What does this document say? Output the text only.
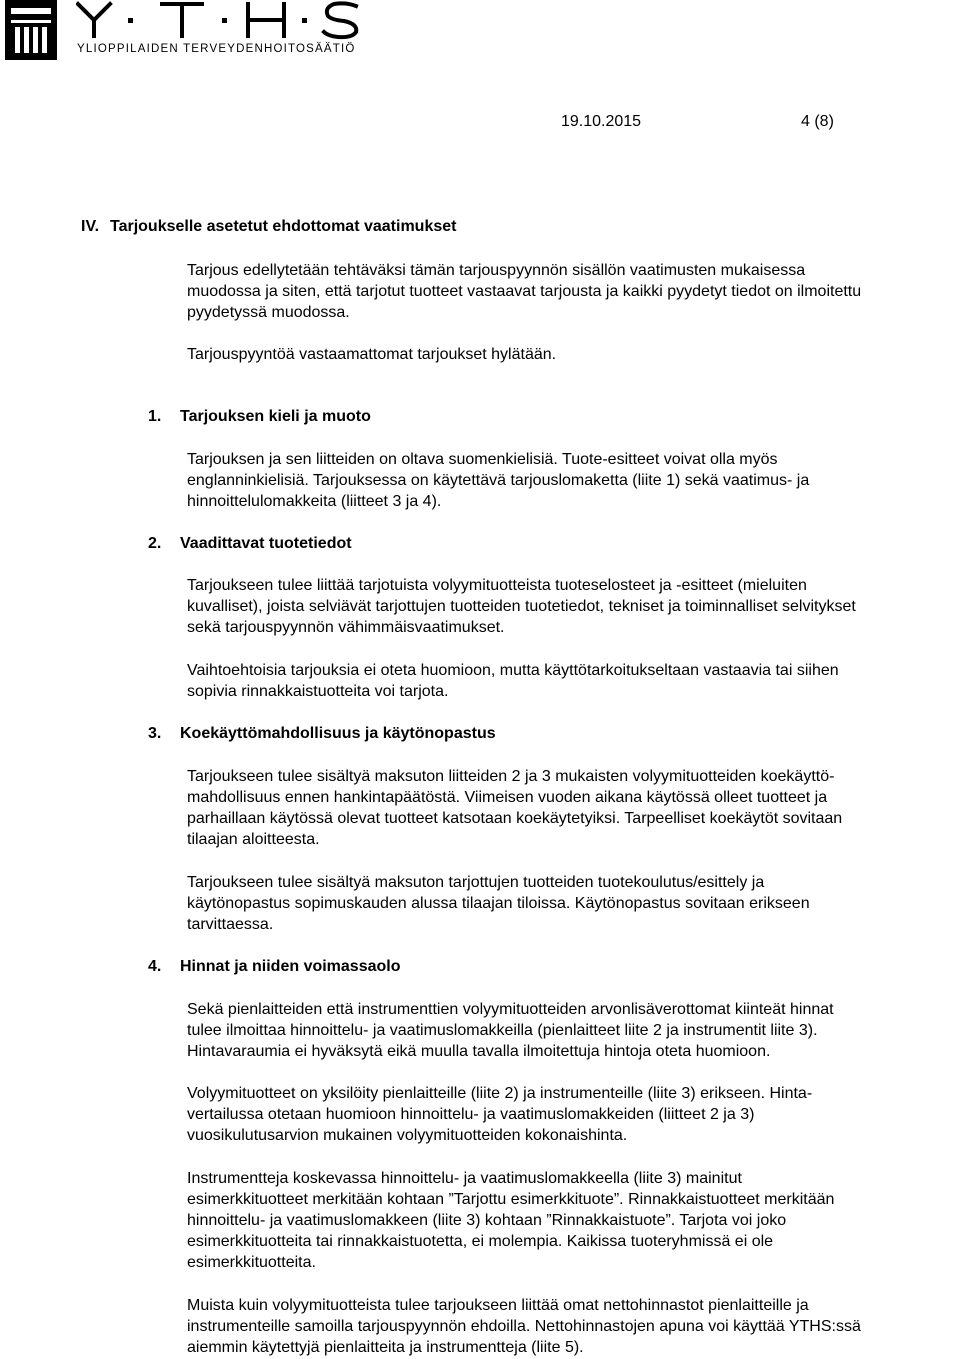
YLIOPPILAIDEN TERVEYDENHOITOSÄÄTIÖ
19.10.2015	4 (8)
IV. Tarjoukselle asetetut ehdottomat vaatimukset
Tarjous edellytetään tehtäväksi tämän tarjouspyynnön sisällön vaatimusten mukaisessa
muodossa ja siten, että tarjotut tuotteet vastaavat tarjousta ja kaikki pyydetyt tiedot on ilmoitettu
pyydetyssä muodossa.
Tarjouspyyntöä vastaamattomat tarjoukset hylätään.
1. Tarjouksen kieli ja muoto
Tarjouksen ja sen liitteiden on oltava suomenkielisiä. Tuote-esitteet voivat olla myös
englanninkielisiä. Tarjouksessa on käytettävä tarjouslomaketta (liite 1) sekä vaatimus- ja
hinnoittelulomakkeita (liitteet 3 ja 4).
2. Vaadittavat tuotetiedot
Tarjoukseen tulee liittää tarjotuista volyymituotteista tuoteselosteet ja -esitteet (mieluiten
kuvalliset), joista selviävät tarjottujen tuotteiden tuotetiedot, tekniset ja toiminnalliset selvitykset
sekä tarjouspyynnön vähimmäisvaatimukset.
Vaihtoehtoisia tarjouksia ei oteta huomioon, mutta käyttötarkoitukseltaan vastaavia tai siihen
sopivia rinnakkaistuotteita voi tarjota.
3. Koekäyttömahdollisuus ja käytönopastus
Tarjoukseen tulee sisältyä maksuton liitteiden 2 ja 3 mukaisten volyymituotteiden koekäyttö-
mahdollisuus ennen hankintapäätöstä. Viimeisen vuoden aikana käytössä olleet tuotteet ja
parhaillaan käytössä olevat tuotteet katsotaan koekäytetyiksi. Tarpeelliset koekäytöt sovitaan
tilaajan aloitteesta.
Tarjoukseen tulee sisältyä maksuton tarjottujen tuotteiden tuotekoulutus/esittely ja
käytönopastus sopimuskauden alussa tilaajan tiloissa. Käytönopastus sovitaan erikseen
tarvittaessa.
4. Hinnat ja niiden voimassaolo
Sekä pienlaitteiden että instrumenttien volyymituotteiden arvonlisäverottomat kiinteät hinnat
tulee ilmoittaa hinnoittelu- ja vaatimuslomakkeilla (pienlaitteet liite 2 ja instrumentit liite 3).
Hintavaraumia ei hyväksytä eikä muulla tavalla ilmoitettuja hintoja oteta huomioon.
Volyymituotteet on yksilöity pienlaitteille (liite 2) ja instrumenteille (liite 3) erikseen. Hinta-
vertailussa otetaan huomioon hinnoittelu- ja vaatimuslomakkeiden (liitteet 2 ja 3)
vuosikulutusarvion mukainen volyymituotteiden kokonaishinta.
Instrumentteja koskevassa hinnoittelu- ja vaatimuslomakkeella (liite 3) mainitut
esimerkkituotteet merkitään kohtaan ”Tarjottu esimerkkituote”. Rinnakkaistuotteet merkitään
hinnoittelu- ja vaatimuslomakkeen (liite 3) kohtaan ”Rinnakkaistuote”. Tarjota voi joko
esimerkkituotteita tai rinnakkaistuotetta, ei molempia. Kaikissa tuoteryhmissä ei ole
esimerkkituotteita.
Muista kuin volyymituotteista tulee tarjoukseen liittää omat nettohinnastot pienlaitteille ja
instrumenteille samoilla tarjouspyynnön ehdoilla. Nettohinnastojen apuna voi käyttää YTHS:ssä
aiemmin käytettyjä pienlaitteita ja instrumentteja (liite 5).
